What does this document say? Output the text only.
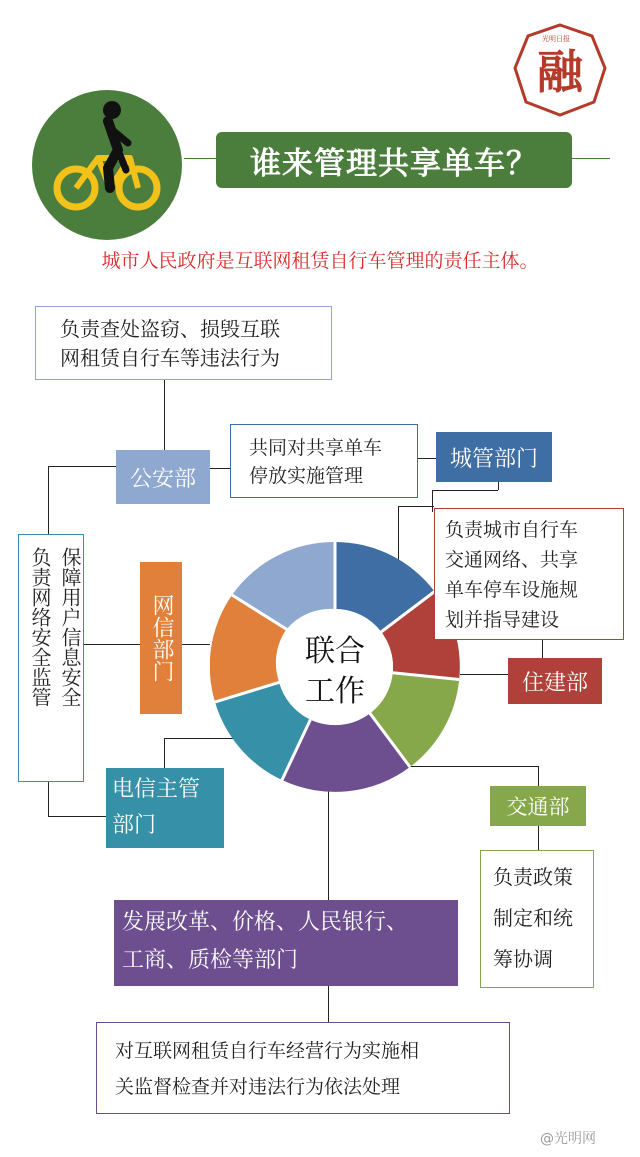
谁来管理共享单车？
融
光明日报
城市人民政府是互联网租赁自行车管理的责任主体。
联合
工作
负责查处盗窃、损毁互联
网租赁自行车等违法行为
共同对共享单车
停放实施管理
负责城市自行车
交通网络、共享
单车停车设施规
划并指导建设
保障用户信息安全
负责网络安全监管
负责政策
制定和统
筹协调
对互联网租赁自行车经营行为实施相
关监督检查并对违法行为依法处理
公安部
城管部门
住建部
交通部
网信部门
电信主管
部门
发展改革、价格、人民银行、
工商、质检等部门
@光明网
